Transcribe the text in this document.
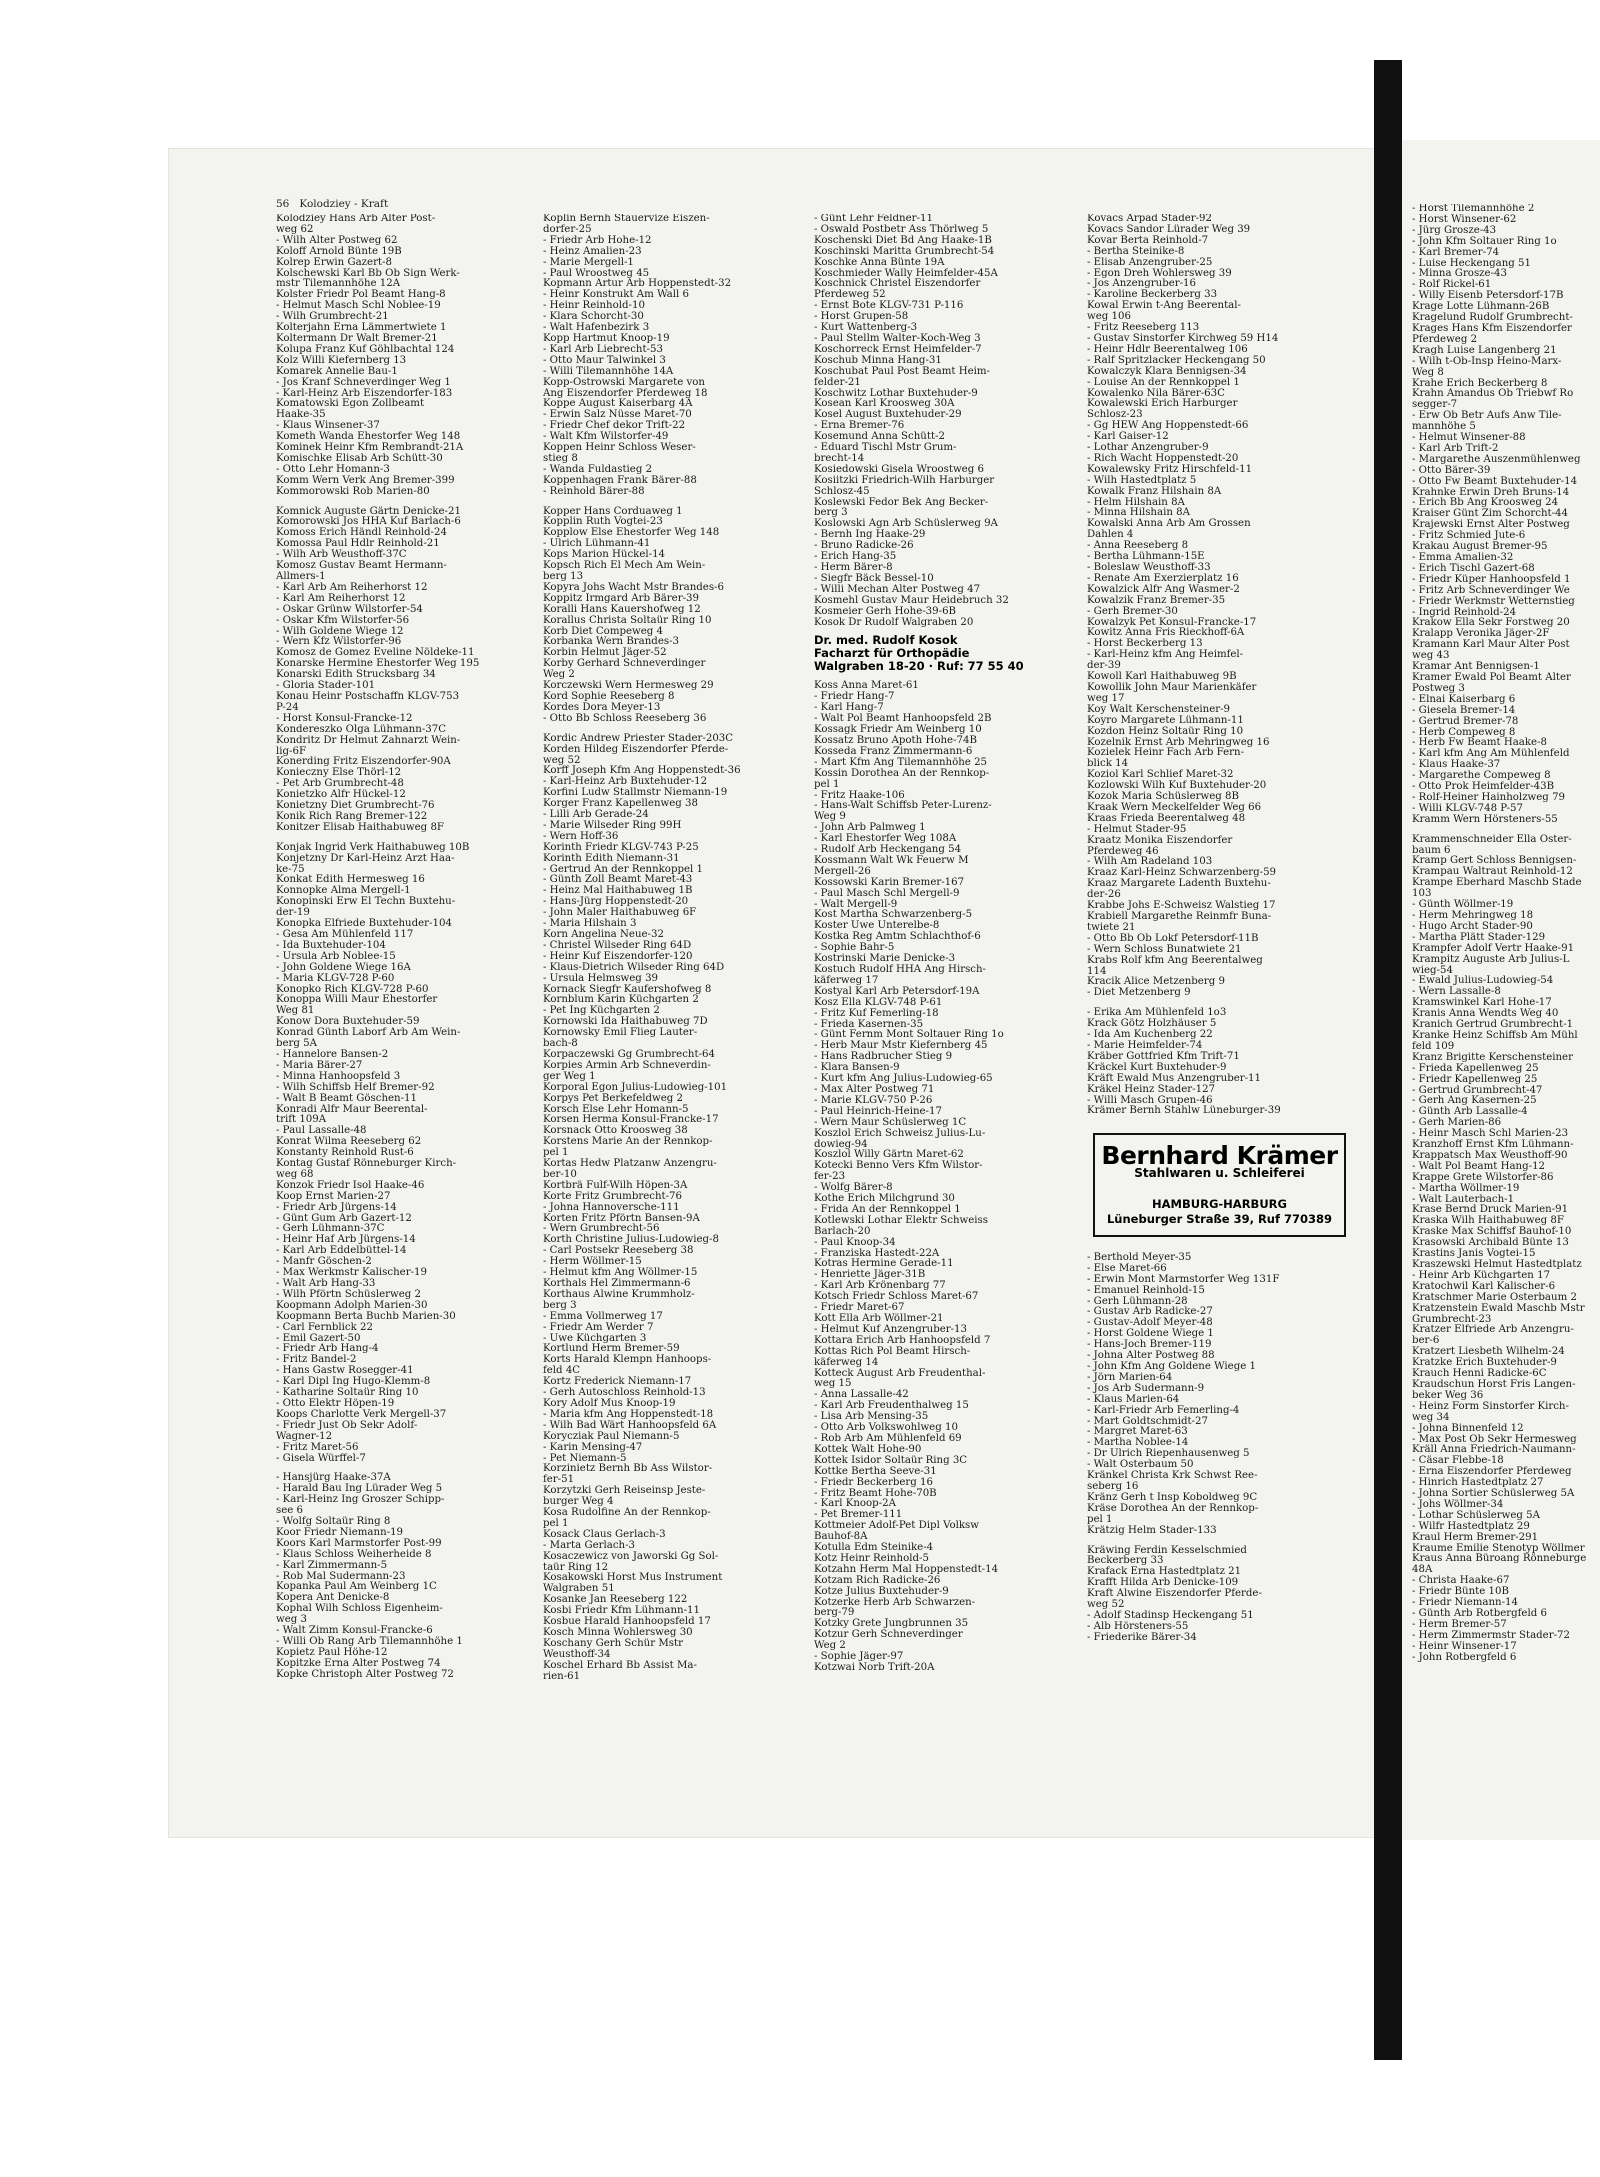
56 Kolodziey - Kraft
Kolodziey Hans Arb Alter Post-
weg 62
- Wilh Alter Postweg 62
Koloff Arnold Bünte 19B
Kolrep Erwin Gazert-8
Kolschewski Karl Bb Ob Sign Werk-
mstr Tilemannhöhe 12A
Kolster Friedr Pol Beamt Hang-8
- Helmut Masch Schl Noblee-19
- Wilh Grumbrecht-21
Kolterjahn Erna Lämmertwiete 1
Koltermann Dr Walt Bremer-21
Kolupa Franz Kuf Göhlbachtal 124
Kolz Willi Kiefernberg 13
Komarek Annelie Bau-1
- Jos Kranf Schneverdinger Weg 1
- Karl-Heinz Arb Eiszendorfer-183
Komatowski Egon Zollbeamt
Haake-35
- Klaus Winsener-37
Kometh Wanda Ehestorfer Weg 148
Kominek Heinr Kfm Rembrandt-21A
Komischke Elisab Arb Schütt-30
- Otto Lehr Homann-3
Komm Wern Verk Ang Bremer-399
Kommorowski Rob Marien-80
Komnick Auguste Gärtn Denicke-21
Komorowski Jos HHA Kuf Barlach-6
Komoss Erich Händl Reinhold-24
Komossa Paul Hdlr Reinhold-21
- Wilh Arb Weusthoff-37C
Komosz Gustav Beamt Hermann-
Allmers-1
- Karl Arb Am Reiherhorst 12
- Karl Am Reiherhorst 12
- Oskar Grünw Wilstorfer-54
- Oskar Kfm Wilstorfer-56
- Wilh Goldene Wiege 12
- Wern Kfz Wilstorfer-96
Komosz de Gomez Eveline Nöldeke-11
Konarske Hermine Ehestorfer Weg 195
Konarski Edith Strucksbarg 34
- Gloria Stader-101
Konau Heinr Postschaffn KLGV-753
P-24
- Horst Konsul-Francke-12
Kondereszko Olga Lühmann-37C
Kondritz Dr Helmut Zahnarzt Wein-
lig-6F
Konerding Fritz Eiszendorfer-90A
Konieczny Else Thörl-12
- Pet Arb Grumbrecht-48
Konietzko Alfr Hückel-12
Konietzny Diet Grumbrecht-76
Konik Rich Rang Bremer-122
Konitzer Elisab Haithabuweg 8F
Konjak Ingrid Verk Haithabuweg 10B
Konjetzny Dr Karl-Heinz Arzt Haa-
ke-75
Konkat Edith Hermesweg 16
Konnopke Alma Mergell-1
Konopinski Erw El Techn Buxtehu-
der-19
Konopka Elfriede Buxtehuder-104
- Gesa Am Mühlenfeld 117
- Ida Buxtehuder-104
- Ursula Arb Noblee-15
- John Goldene Wiege 16A
- Maria KLGV-728 P-60
Konopko Rich KLGV-728 P-60
Konoppa Willi Maur Ehestorfer
Weg 81
Konow Dora Buxtehuder-59
Konrad Günth Laborf Arb Am Wein-
berg 5A
- Hannelore Bansen-2
- Maria Bärer-27
- Minna Hanhoopsfeld 3
- Wilh Schiffsb Helf Bremer-92
- Walt B Beamt Göschen-11
Konradi Alfr Maur Beerental-
trift 109A
- Paul Lassalle-48
Konrat Wilma Reeseberg 62
Konstanty Reinhold Rust-6
Kontag Gustaf Rönneburger Kirch-
weg 68
Konzok Friedr Isol Haake-46
Koop Ernst Marien-27
- Friedr Arb Jürgens-14
- Günt Gum Arb Gazert-12
- Gerh Lühmann-37C
- Heinr Haf Arb Jürgens-14
- Karl Arb Eddelbüttel-14
- Manfr Göschen-2
- Max Werkmstr Kalischer-19
- Walt Arb Hang-33
- Wilh Pförtn Schüslerweg 2
Koopmann Adolph Marien-30
Koopmann Berta Buchb Marien-30
- Carl Fernblick 22
- Emil Gazert-50
- Friedr Arb Hang-4
- Fritz Bandel-2
- Hans Gastw Rosegger-41
- Karl Dipl Ing Hugo-Klemm-8
- Katharine Soltaür Ring 10
- Otto Elektr Höpen-19
Koops Charlotte Verk Mergell-37
- Friedr Just Ob Sekr Adolf-
Wagner-12
- Fritz Maret-56
- Gisela Würffel-7
- Hansjürg Haake-37A
- Harald Bau Ing Lürader Weg 5
- Karl-Heinz Ing Groszer Schipp-
see 6
- Wolfg Soltaür Ring 8
Koor Friedr Niemann-19
Koors Karl Marmstorfer Post-99
- Klaus Schloss Weiherheide 8
- Karl Zimmermann-5
- Rob Mal Sudermann-23
Kopanka Paul Am Weinberg 1C
Kopera Ant Denicke-8
Kophal Wilh Schloss Eigenheim-
weg 3
- Walt Zimm Konsul-Francke-6
- Willi Ob Rang Arb Tilemannhöhe 1
Kopietz Paul Höhe-12
Kopitzke Erna Alter Postweg 74
Kopke Christoph Alter Postweg 72
Koplin Bernh Stauervize Eiszen-
dorfer-25
- Friedr Arb Hohe-12
- Heinz Amalien-23
- Marie Mergell-1
- Paul Wroostweg 45
Kopmann Artur Arb Hoppenstedt-32
- Heinr Konstrukt Am Wall 6
- Heinr Reinhold-10
- Klara Schorcht-30
- Walt Hafenbezirk 3
Kopp Hartmut Knoop-19
- Karl Arb Liebrecht-53
- Otto Maur Talwinkel 3
- Willi Tilemannhöhe 14A
Kopp-Ostrowski Margarete von
Ang Eiszendorfer Pferdeweg 18
Koppe August Kaiserbarg 4A
- Erwin Salz Nüsse Maret-70
- Friedr Chef dekor Trift-22
- Walt Kfm Wilstorfer-49
Koppen Heinr Schloss Weser-
stieg 8
- Wanda Fuldastieg 2
Koppenhagen Frank Bärer-88
- Reinhold Bärer-88
Kopper Hans Corduaweg 1
Kopplin Ruth Vogtei-23
Kopplow Else Ehestorfer Weg 148
- Ulrich Lühmann-41
Kops Marion Hückel-14
Kopsch Rich El Mech Am Wein-
berg 13
Kopyra Johs Wacht Mstr Brandes-6
Koppitz Irmgard Arb Bärer-39
Koralli Hans Kauershofweg 12
Korallus Christa Soltaür Ring 10
Korb Diet Compeweg 4
Korbanka Wern Brandes-3
Korbin Helmut Jäger-52
Korby Gerhard Schneverdinger
Weg 2
Korczewski Wern Hermesweg 29
Kord Sophie Reeseberg 8
Kordes Dora Meyer-13
- Otto Bb Schloss Reeseberg 36
Kordic Andrew Priester Stader-203C
Korden Hildeg Eiszendorfer Pferde-
weg 52
Korff Joseph Kfm Ang Hoppenstedt-36
- Karl-Heinz Arb Buxtehuder-12
Korfini Ludw Stallmstr Niemann-19
Korger Franz Kapellenweg 38
- Lilli Arb Gerade-24
- Marie Wilseder Ring 99H
- Wern Hoff-36
Korinth Friedr KLGV-743 P-25
Korinth Edith Niemann-31
- Gertrud An der Rennkoppel 1
- Günth Zoll Beamt Maret-43
- Heinz Mal Haithabuweg 1B
- Hans-Jürg Hoppenstedt-20
- John Maler Haithabuweg 6F
- Maria Hilshain 3
Korn Angelina Neue-32
- Christel Wilseder Ring 64D
- Heinr Kuf Eiszendorfer-120
- Klaus-Dietrich Wilseder Ring 64D
- Ursula Helmsweg 39
Kornack Siegfr Kaufershofweg 8
Kornblum Karin Küchgarten 2
- Pet Ing Küchgarten 2
Kornowski Ida Haithabuweg 7D
Kornowsky Emil Flieg Lauter-
bach-8
Korpaczewski Gg Grumbrecht-64
Korpies Armin Arb Schneverdin-
ger Weg 1
Korporal Egon Julius-Ludowieg-101
Korpys Pet Berkefeldweg 2
Korsch Else Lehr Homann-5
Korsen Herma Konsul-Francke-17
Korsnack Otto Kroosweg 38
Korstens Marie An der Rennkop-
pel 1
Kortas Hedw Platzanw Anzengru-
ber-10
Kortbrä Fulf-Wilh Höpen-3A
Korte Fritz Grumbrecht-76
- Johna Hannoversche-111
Korten Fritz Pförtn Bansen-9A
- Wern Grumbrecht-56
Korth Christine Julius-Ludowieg-8
- Carl Postsekr Reeseberg 38
- Herm Wöllmer-15
- Helmut kfm Ang Wöllmer-15
Korthals Hel Zimmermann-6
Korthaus Alwine Krummholz-
berg 3
- Emma Vollmerweg 17
- Friedr Am Werder 7
- Uwe Küchgarten 3
Kortlund Herm Bremer-59
Korts Harald Klempn Hanhoops-
feld 4C
Kortz Frederick Niemann-17
- Gerh Autoschloss Reinhold-13
Kory Adolf Mus Knoop-19
- Maria kfm Ang Hoppenstedt-18
- Wilh Bad Wärt Hanhoopsfeld 6A
Korycziak Paul Niemann-5
- Karin Mensing-47
- Pet Niemann-5
Korzinietz Bernh Bb Ass Wilstor-
fer-51
Korzytzki Gerh Reiseinsp Jeste-
burger Weg 4
Kosa Rudolfine An der Rennkop-
pel 1
Kosack Claus Gerlach-3
- Marta Gerlach-3
Kosaczewicz von Jaworski Gg Sol-
taür Ring 12
Kosakowski Horst Mus Instrument
Walgraben 51
Kosanke Jan Reeseberg 122
Kosbi Friedr Kfm Lühmann-11
Kosbue Harald Hanhoopsfeld 17
Kosch Minna Wohlersweg 30
Koschany Gerh Schür Mstr
Weusthoff-34
Koschel Erhard Bb Assist Ma-
rien-61
- Günt Lehr Feldner-11
- Oswald Postbetr Ass Thörlweg 5
Koschenski Diet Bd Ang Haake-1B
Koschinski Maritta Grumbrecht-54
Koschke Anna Bünte 19A
Koschmieder Wally Heimfelder-45A
Koschnick Christel Eiszendorfer
Pferdeweg 52
- Ernst Bote KLGV-731 P-116
- Horst Grupen-58
- Kurt Wattenberg-3
- Paul Stellm Walter-Koch-Weg 3
Koschorreck Ernst Heimfelder-7
Koschub Minna Hang-31
Koschubat Paul Post Beamt Heim-
felder-21
Koschwitz Lothar Buxtehuder-9
Kosean Karl Kroosweg 30A
Kosel August Buxtehuder-29
- Erna Bremer-76
Kosemund Anna Schütt-2
- Eduard Tischl Mstr Grum-
brecht-14
Kosiedowski Gisela Wroostweg 6
Kosiitzki Friedrich-Wilh Harburger
Schlosz-45
Koslewski Fedor Bek Ang Becker-
berg 3
Koslowski Agn Arb Schüslerweg 9A
- Bernh Ing Haake-29
- Bruno Radicke-26
- Erich Hang-35
- Herm Bärer-8
- Siegfr Bäck Bessel-10
- Willi Mechan Alter Postweg 47
Kosmehl Gustav Maur Heidebruch 32
Kosmeier Gerh Hohe-39-6B
Kosok Dr Rudolf Walgraben 20
Dr. med. Rudolf Kosok
Facharzt für Orthopädie
Walgraben 18-20 · Ruf: 77 55 40
Koss Anna Maret-61
- Friedr Hang-7
- Karl Hang-7
- Walt Pol Beamt Hanhoopsfeld 2B
Kossagk Friedr Am Weinberg 10
Kossatz Bruno Apoth Hohe-74B
Kosseda Franz Zimmermann-6
- Mart Kfm Ang Tilemannhöhe 25
Kossin Dorothea An der Rennkop-
pel 1
- Fritz Haake-106
- Hans-Walt Schiffsb Peter-Lurenz-
Weg 9
- John Arb Palmweg 1
- Karl Ehestorfer Weg 108A
- Rudolf Arb Heckengang 54
Kossmann Walt Wk Feuerw M
Mergell-26
Kossowski Karin Bremer-167
- Paul Masch Schl Mergell-9
- Walt Mergell-9
Kost Martha Schwarzenberg-5
Koster Uwe Unterelbe-8
Kostka Reg Amtm Schlachthof-6
- Sophie Bahr-5
Kostrinski Marie Denicke-3
Kostuch Rudolf HHA Ang Hirsch-
käferweg 17
Kostyal Karl Arb Petersdorf-19A
Kosz Ella KLGV-748 P-61
- Fritz Kuf Femerling-18
- Frieda Kasernen-35
- Günt Fernm Mont Soltauer Ring 1o
- Herb Maur Mstr Kiefernberg 45
- Hans Radbrucher Stieg 9
- Klara Bansen-9
- Kurt kfm Ang Julius-Ludowieg-65
- Max Alter Postweg 71
- Marie KLGV-750 P-26
- Paul Heinrich-Heine-17
- Wern Maur Schüslerweg 1C
Koszlol Erich Schweisz Julius-Lu-
dowieg-94
Koszlol Willy Gärtn Maret-62
Kotecki Benno Vers Kfm Wilstor-
fer-23
- Wolfg Bärer-8
Kothe Erich Milchgrund 30
- Frida An der Rennkoppel 1
Kotlewski Lothar Elektr Schweiss
Barlach-20
- Paul Knoop-34
- Franziska Hastedt-22A
Kotras Hermine Gerade-11
- Henriette Jäger-31B
- Karl Arb Krönenbarg 77
Kotsch Friedr Schloss Maret-67
- Friedr Maret-67
Kott Ella Arb Wöllmer-21
- Helmut Kuf Anzengruber-13
Kottara Erich Arb Hanhoopsfeld 7
Kottas Rich Pol Beamt Hirsch-
käferweg 14
Kotteck August Arb Freudenthal-
weg 15
- Anna Lassalle-42
- Karl Arb Freudenthalweg 15
- Lisa Arb Mensing-35
- Otto Arb Volkswohlweg 10
- Rob Arb Am Mühlenfeld 69
Kottek Walt Hohe-90
Kottek Isidor Soltaür Ring 3C
Kottke Bertha Seeve-31
- Friedr Beckerberg 16
- Fritz Beamt Hohe-70B
- Karl Knoop-2A
- Pet Bremer-111
Kottmeier Adolf-Pet Dipl Volksw
Bauhof-8A
Kotulla Edm Steinike-4
Kotz Heinr Reinhold-5
Kotzahn Herm Mal Hoppenstedt-14
Kotzam Rich Radicke-26
Kotze Julius Buxtehuder-9
Kotzerke Herb Arb Schwarzen-
berg-79
Kotzky Grete Jungbrunnen 35
Kotzur Gerh Schneverdinger
Weg 2
- Sophie Jäger-97
Kotzwai Norb Trift-20A
Kovacs Arpad Stader-92
Kovacs Sandor Lürader Weg 39
Kovar Berta Reinhold-7
- Bertha Steinike-8
- Elisab Anzengruber-25
- Egon Dreh Wohlersweg 39
- Jos Anzengruber-16
- Karoline Beckerberg 33
Kowal Erwin t-Ang Beerental-
weg 106
- Fritz Reeseberg 113
- Gustav Sinstorfer Kirchweg 59 H14
- Heinr Hdlr Beerentalweg 106
- Ralf Spritzlacker Heckengang 50
Kowalczyk Klara Bennigsen-34
- Louise An der Rennkoppel 1
Kowalenko Nila Bärer-63C
Kowalewski Erich Harburger
Schlosz-23
- Gg HEW Ang Hoppenstedt-66
- Karl Gaiser-12
- Lothar Anzengruber-9
- Rich Wacht Hoppenstedt-20
Kowalewsky Fritz Hirschfeld-11
- Wilh Hastedtplatz 5
Kowalk Franz Hilshain 8A
- Helm Hilshain 8A
- Minna Hilshain 8A
Kowalski Anna Arb Am Grossen
Dahlen 4
- Anna Reeseberg 8
- Bertha Lühmann-15E
- Boleslaw Weusthoff-33
- Renate Am Exerzierplatz 16
Kowalzick Alfr Ang Wasmer-2
Kowalzik Franz Bremer-35
- Gerh Bremer-30
Kowalzyk Pet Konsul-Francke-17
Kowitz Anna Fris Rieckhoff-6A
- Horst Beckerberg 13
- Karl-Heinz kfm Ang Heimfel-
der-39
Kowoll Karl Haithabuweg 9B
Kowollik John Maur Marienkäfer
weg 17
Koy Walt Kerschensteiner-9
Koyro Margarete Lühmann-11
Kozdon Heinz Soltaür Ring 10
Kozelnik Ernst Arb Mehringweg 16
Kozielek Heinr Fach Arb Fern-
blick 14
Koziol Karl Schlief Maret-32
Kozlowski Wilh Kuf Buxtehuder-20
Kozok Maria Schüslerweg 8B
Kraak Wern Meckelfelder Weg 66
Kraas Frieda Beerentalweg 48
- Helmut Stader-95
Kraatz Monika Eiszendorfer
Pferdeweg 46
- Wilh Am Radeland 103
Kraaz Karl-Heinz Schwarzenberg-59
Kraaz Margarete Ladenth Buxtehu-
der-26
Krabbe Johs E-Schweisz Walstieg 17
Krabiell Margarethe Reinmfr Buna-
twiete 21
- Otto Bb Ob Lokf Petersdorf-11B
- Wern Schloss Bunatwiete 21
Krabs Rolf kfm Ang Beerentalweg
114
Kracik Alice Metzenberg 9
- Diet Metzenberg 9
- Erika Am Mühlenfeld 1o3
Krack Götz Holzhäuser 5
- Ida Am Kuchenberg 22
- Marie Heimfelder-74
Kräber Gottfried Kfm Trift-71
Kräckel Kurt Buxtehuder-9
Kräft Ewald Mus Anzengruber-11
Kräkel Heinz Stader-127
- Willi Masch Grupen-46
Krämer Bernh Stahlw Lüneburger-39
Bernhard Krämer
Stahlwaren u. Schleiferei
HAMBURG-HARBURG
Lüneburger Straße 39, Ruf 770389
- Berthold Meyer-35
- Else Maret-66
- Erwin Mont Marmstorfer Weg 131F
- Emanuel Reinhold-15
- Gerh Lühmann-28
- Gustav Arb Radicke-27
- Gustav-Adolf Meyer-48
- Horst Goldene Wiege 1
- Hans-Joch Bremer-119
- Johna Alter Postweg 88
- John Kfm Ang Goldene Wiege 1
- Jörn Marien-64
- Jos Arb Sudermann-9
- Klaus Marien-64
- Karl-Friedr Arb Femerling-4
- Mart Goldtschmidt-27
- Margret Maret-63
- Martha Noblee-14
- Dr Ulrich Riepenhausenweg 5
- Walt Osterbaum 50
Kränkel Christa Krk Schwst Ree-
seberg 16
Kränz Gerh t Insp Koboldweg 9C
Kräse Dorothea An der Rennkop-
pel 1
Krätzig Helm Stader-133
Kräwing Ferdin Kesselschmied
Beckerberg 33
Krafack Erna Hastedtplatz 21
Krafft Hilda Arb Denicke-109
Kraft Alwine Eiszendorfer Pferde-
weg 52
- Adolf Stadinsp Heckengang 51
- Alb Hörsteners-55
- Friederike Bärer-34
- Horst Tilemannhöhe 2
- Horst Winsener-62
- Jürg Grosze-43
- John Kfm Soltauer Ring 1o
- Karl Bremer-74
- Luise Heckengang 51
- Minna Grosze-43
- Rolf Rickel-61
- Willy Eisenb Petersdorf-17B
Krage Lotte Lühmann-26B
Kragelund Rudolf Grumbrecht-
Krages Hans Kfm Eiszendorfer
Pferdeweg 2
Kragh Luise Langenberg 21
- Wilh t-Ob-Insp Heino-Marx-
Weg 8
Krahe Erich Beckerberg 8
Krahn Amandus Ob Triebwf Ro
segger-7
- Erw Ob Betr Aufs Anw Tile-
mannhöhe 5
- Helmut Winsener-88
- Karl Arb Trift-2
- Margarethe Auszenmühlenweg
- Otto Bärer-39
- Otto Fw Beamt Buxtehuder-14
Krahnke Erwin Dreh Bruns-14
- Erich Bb Ang Kroosweg 24
Kraiser Günt Zim Schorcht-44
Krajewski Ernst Alter Postweg
- Fritz Schmied Jute-6
Krakau August Bremer-95
- Emma Amalien-32
- Erich Tischl Gazert-68
- Friedr Küper Hanhoopsfeld 1
- Fritz Arb Schneverdinger We
- Friedr Werkmstr Wetternstieg
- Ingrid Reinhold-24
Krakow Ella Sekr Forstweg 20
Kralapp Veronika Jäger-2F
Kramann Karl Maur Alter Post
weg 43
Kramar Ant Bennigsen-1
Kramer Ewald Pol Beamt Alter
Postweg 3
- Elnai Kaiserbarg 6
- Giesela Bremer-14
- Gertrud Bremer-78
- Herb Compeweg 8
- Herb Fw Beamt Haake-8
- Karl kfm Ang Am Mühlenfeld
- Klaus Haake-37
- Margarethe Compeweg 8
- Otto Prok Heimfelder-43B
- Rolf-Heiner Hainholzweg 79
- Willi KLGV-748 P-57
Kramm Wern Hörsteners-55
Krammenschneider Ella Oster-
baum 6
Kramp Gert Schloss Bennigsen-
Krampau Waltraut Reinhold-12
Krampe Eberhard Maschb Stade
103
- Günth Wöllmer-19
- Herm Mehringweg 18
- Hugo Archt Stader-90
- Martha Plätt Stader-129
Krampfer Adolf Vertr Haake-91
Krampitz Auguste Arb Julius-L
wieg-54
- Ewald Julius-Ludowieg-54
- Wern Lassalle-8
Kramswinkel Karl Hohe-17
Kranis Anna Wendts Weg 40
Kranich Gertrud Grumbrecht-1
Kranke Heinz Schiffsb Am Mühl
feld 109
Kranz Brigitte Kerschensteiner
- Frieda Kapellenweg 25
- Friedr Kapellenweg 25
- Gertrud Grumbrecht-47
- Gerh Ang Kasernen-25
- Günth Arb Lassalle-4
- Gerh Marien-86
- Heinr Masch Schl Marien-23
Kranzhoff Ernst Kfm Lühmann-
Krappatsch Max Weusthoff-90
- Walt Pol Beamt Hang-12
Krappe Grete Wilstorfer-86
- Martha Wöllmer-19
- Walt Lauterbach-1
Krase Bernd Druck Marien-91
Kraska Wilh Haithabuweg 8F
Kraske Max Schiffsf Bauhof-10
Krasowski Archibald Bünte 13
Krastins Janis Vogtei-15
Kraszewski Helmut Hastedtplatz
- Heinr Arb Küchgarten 17
Kratochwil Karl Kalischer-6
Kratschmer Marie Osterbaum 2
Kratzenstein Ewald Maschb Mstr
Grumbrecht-23
Kratzer Elfriede Arb Anzengru-
ber-6
Kratzert Liesbeth Wilhelm-24
Kratzke Erich Buxtehuder-9
Krauch Henni Radicke-6C
Kraudschun Horst Fris Langen-
beker Weg 36
- Heinz Form Sinstorfer Kirch-
weg 34
- Johna Binnenfeld 12
- Max Post Ob Sekr Hermesweg
Kräll Anna Friedrich-Naumann-
- Cäsar Flebbe-18
- Erna Eiszendorfer Pferdeweg
- Hinrich Hastedtplatz 27
- Johna Sortier Schüslerweg 5A
- Johs Wöllmer-34
- Lothar Schüslerweg 5A
- Wilfr Hastedtplatz 29
Kraul Herm Bremer-291
Kraume Emilie Stenotyp Wöllmer
Kraus Anna Büroang Rönneburge
48A
- Christa Haake-67
- Friedr Bünte 10B
- Friedr Niemann-14
- Günth Arb Rotbergfeld 6
- Herm Bremer-57
- Herm Zimmermstr Stader-72
- Heinr Winsener-17
- John Rotbergfeld 6
